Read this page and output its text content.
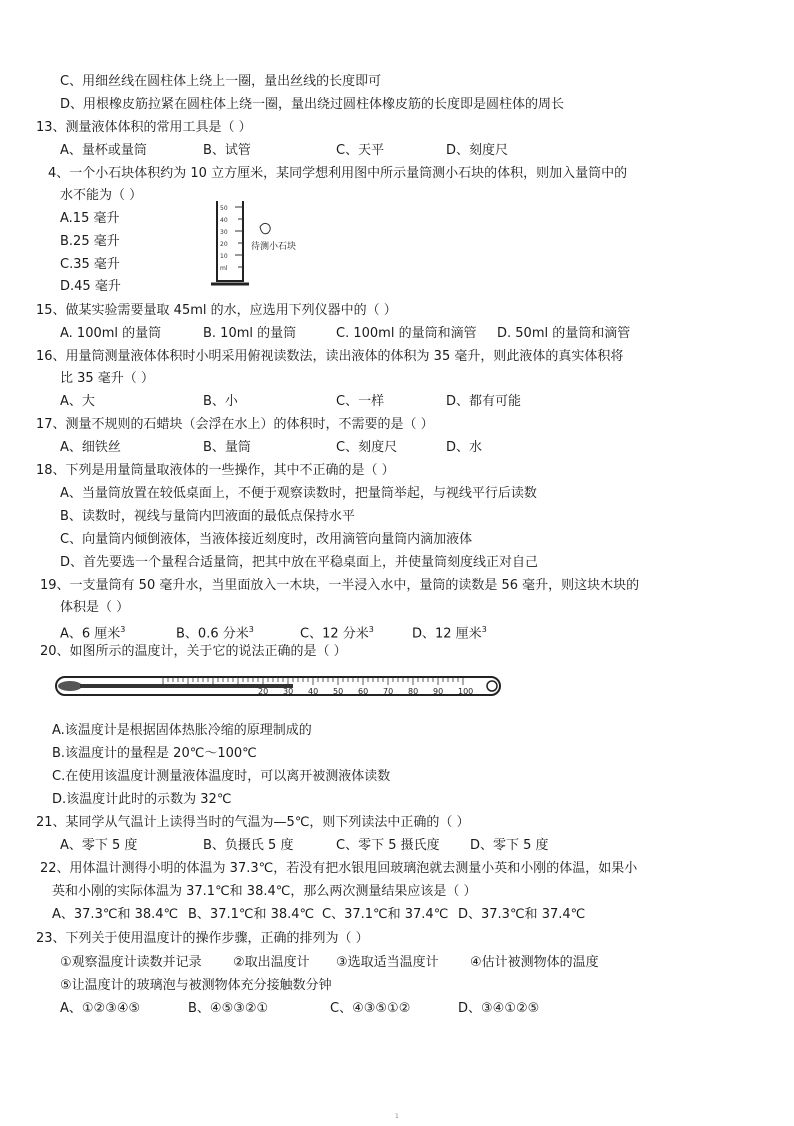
C、用细丝线在圆柱体上绕上一圈，量出丝线的长度即可
D、用根橡皮筋拉紧在圆柱体上绕一圈，量出绕过圆柱体橡皮筋的长度即是圆柱体的周长
13、测量液体体积的常用工具是（ ）
A、量杯或量筒	B、试管	C、天平	D、刻度尺
4、一个小石块体积约为 10 立方厘米，某同学想利用图中所示量筒测小石块的体积，则加入量筒中的
水不能为（ ）
A.15 毫升
B.25 毫升
C.35 毫升
D.45 毫升
50
40
30
20
10
ml
待测小石块
15、做某实验需要量取 45ml 的水，应选用下列仪器中的（ ）
A. 100ml 的量筒	B. 10ml 的量筒	C. 100ml 的量筒和滴管 D. 50ml 的量筒和滴管
16、用量筒测量液体体积时小明采用俯视读数法，读出液体的体积为 35 毫升，则此液体的真实体积将
比 35 毫升（ ）
A、大	B、小	C、一样	D、都有可能
17、测量不规则的石蜡块（会浮在水上）的体积时，不需要的是（ ）
A、细铁丝	B、量筒	C、刻度尺	D、水
18、下列是用量筒量取液体的一些操作，其中不正确的是（ ）
A、当量筒放置在较低桌面上，不便于观察读数时，把量筒举起，与视线平行后读数
B、读数时，视线与量筒内凹液面的最低点保持水平
C、向量筒内倾倒液体，当液体接近刻度时，改用滴管向量筒内滴加液体
D、首先要选一个量程合适量筒，把其中放在平稳桌面上，并使量筒刻度线正对自己
19、一支量筒有 50 毫升水，当里面放入一木块，一半浸入水中，量筒的读数是 56 毫升，则这块木块的
体积是（ ）
A、6 厘米$^3$	B、0.6 分米$^3$	C、12 分米$^3$	D、12 厘米$^3$
20、如图所示的温度计，关于它的说法正确的是（ ）
20 30 40 50 60 70 80 90 100
A.该温度计是根据固体热胀冷缩的原理制成的
B.该温度计的量程是 20℃～100℃
C.在使用该温度计测量液体温度时，可以离开被测液体读数
D.该温度计此时的示数为 32℃
21、某同学从气温计上读得当时的气温为—5℃，则下列读法中正确的（ ）
A、零下 5 度	B、负摄氏 5 度	C、零下 5 摄氏度 D、零下 5 度
22、用体温计测得小明的体温为 37.3℃，若没有把水银甩回玻璃泡就去测量小英和小刚的体温，如果小
英和小刚的实际体温为 37.1℃和 38.4℃，那么两次测量结果应该是（ ）
A、37.3℃和 38.4℃ B、37.1℃和 38.4℃ C、37.1℃和 37.4℃ D、37.3℃和 37.4℃
23、下列关于使用温度计的操作步骤，正确的排列为（ ）
①观察温度计读数并记录 ②取出温度计 ③选取适当温度计 ④估计被测物体的温度
⑤让温度计的玻璃泡与被测物体充分接触数分钟
A、①②③④⑤	B、④⑤③②①	C、④③⑤①②	D、③④①②⑤
1
